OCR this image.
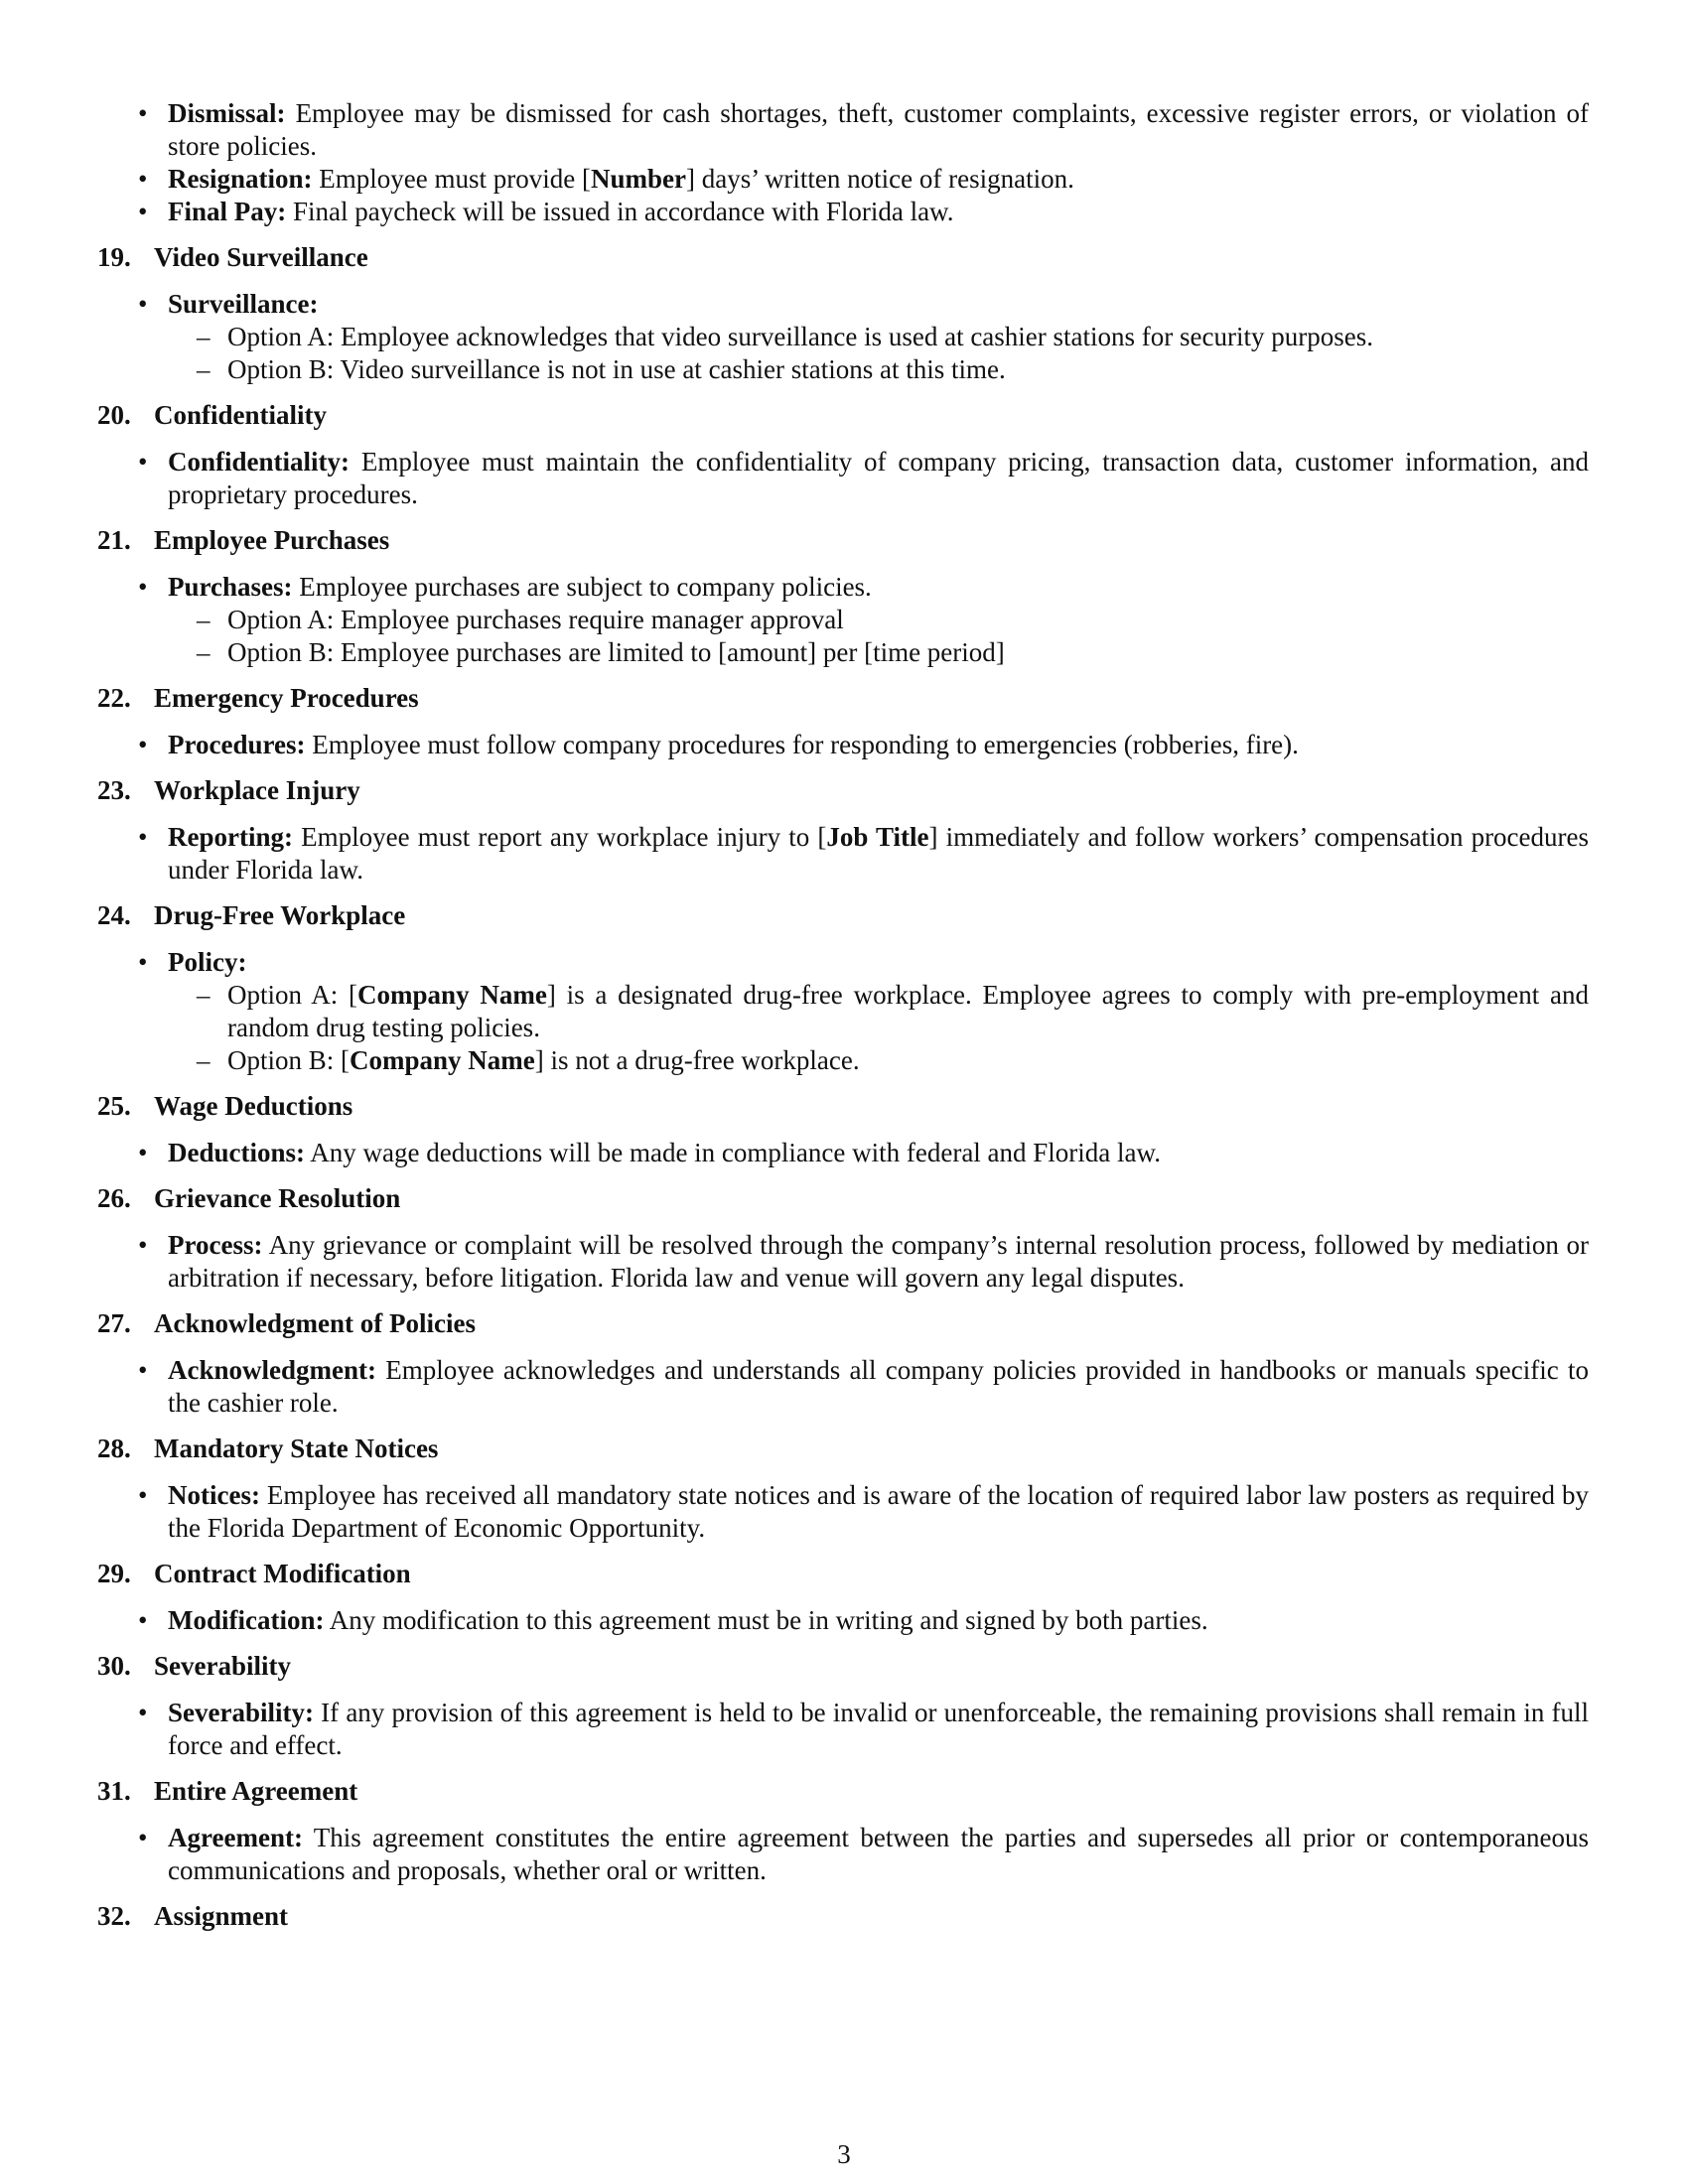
• Dismissal: Employee may be dismissed for cash shortages, theft, customer complaints, excessive register errors, or violation of store policies.
• Resignation: Employee must provide [Number] days’ written notice of resignation.
• Final Pay: Final paycheck will be issued in accordance with Florida law.
19. Video Surveillance
• Surveillance:
– Option A: Employee acknowledges that video surveillance is used at cashier stations for security purposes.
– Option B: Video surveillance is not in use at cashier stations at this time.
20. Confidentiality
• Confidentiality: Employee must maintain the confidentiality of company pricing, transaction data, customer information, and proprietary procedures.
21. Employee Purchases
• Purchases: Employee purchases are subject to company policies.
– Option A: Employee purchases require manager approval
– Option B: Employee purchases are limited to [amount] per [time period]
22. Emergency Procedures
• Procedures: Employee must follow company procedures for responding to emergencies (robberies, fire).
23. Workplace Injury
• Reporting: Employee must report any workplace injury to [Job Title] immediately and follow workers’ compensation procedures under Florida law.
24. Drug-Free Workplace
• Policy:
– Option A: [Company Name] is a designated drug-free workplace. Employee agrees to comply with pre-employment and random drug testing policies.
– Option B: [Company Name] is not a drug-free workplace.
25. Wage Deductions
• Deductions: Any wage deductions will be made in compliance with federal and Florida law.
26. Grievance Resolution
• Process: Any grievance or complaint will be resolved through the company’s internal resolution process, followed by mediation or arbitration if necessary, before litigation. Florida law and venue will govern any legal disputes.
27. Acknowledgment of Policies
• Acknowledgment: Employee acknowledges and understands all company policies provided in handbooks or manuals specific to the cashier role.
28. Mandatory State Notices
• Notices: Employee has received all mandatory state notices and is aware of the location of required labor law posters as required by the Florida Department of Economic Opportunity.
29. Contract Modification
• Modification: Any modification to this agreement must be in writing and signed by both parties.
30. Severability
• Severability: If any provision of this agreement is held to be invalid or unenforceable, the remaining provisions shall remain in full force and effect.
31. Entire Agreement
• Agreement: This agreement constitutes the entire agreement between the parties and supersedes all prior or contemporaneous communications and proposals, whether oral or written.
32. Assignment
3
